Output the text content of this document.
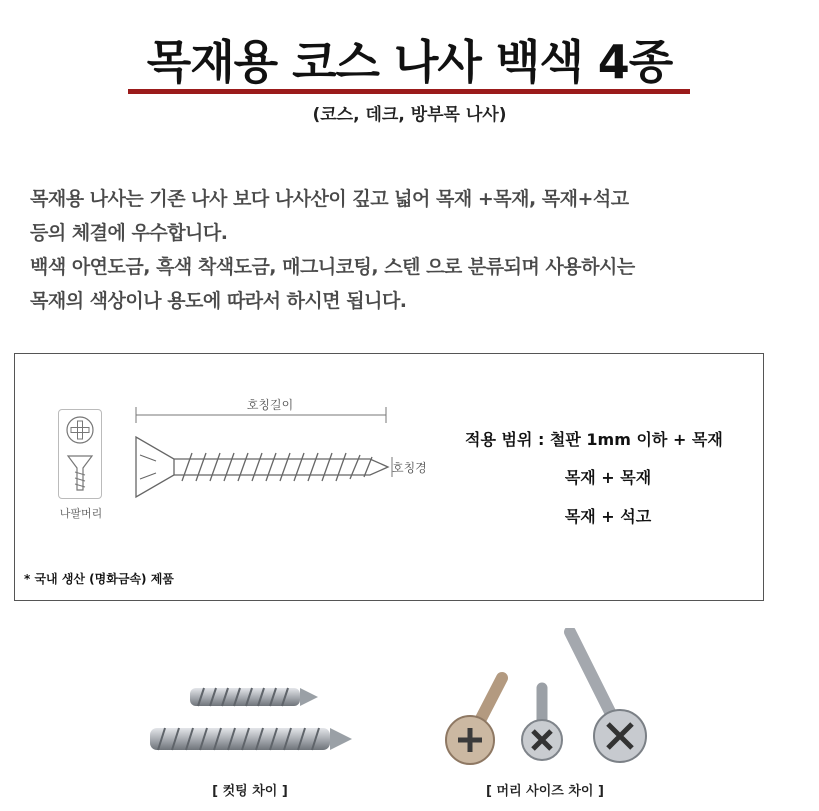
목재용 코스 나사 백색 4종
(코스, 데크, 방부목 나사)
목재용 나사는 기존 나사 보다 나사산이 깊고 넓어 목재 +목재, 목재+석고
등의 체결에 우수합니다.
백색 아연도금, 흑색 착색도금, 매그니코팅, 스텐 으로 분류되며 사용하시는
목재의 색상이나 용도에 따라서 하시면 됩니다.
나팔머리
호칭길이
호칭경
적용 범위 : 철판 1mm 이하 + 목재
목재 + 목재
목재 + 석고
* 국내 생산 (명화금속) 제품
[ 컷팅 차이 ]	[ 머리 사이즈 차이 ]
